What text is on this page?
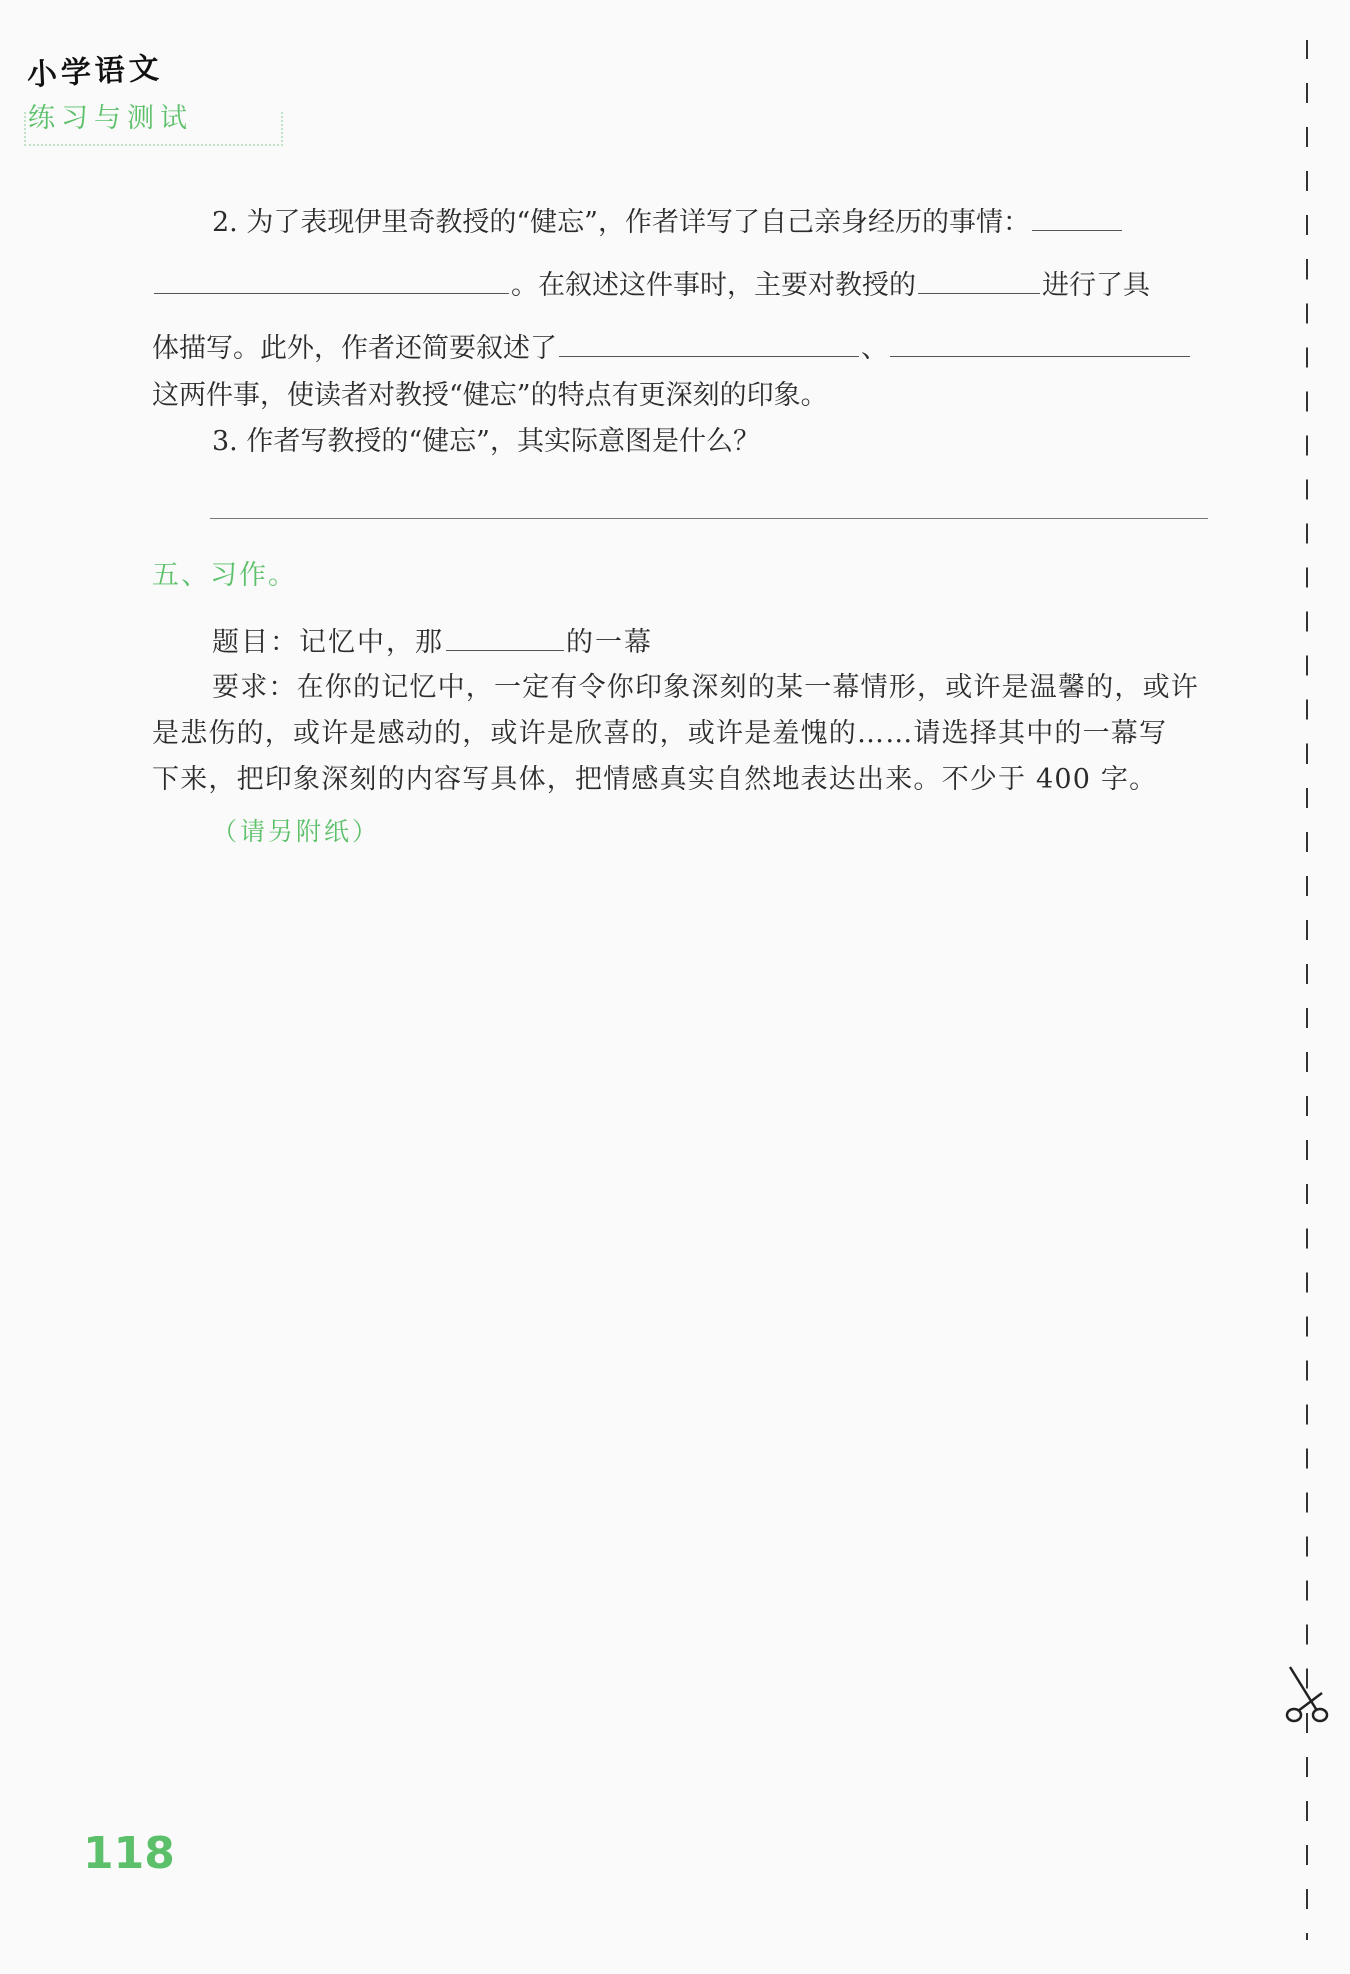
小学语文
练习与测试
2. 为了表现伊里奇教授的“健忘”，作者详写了自己亲身经历的事情：
。在叙述这件事时，主要对教授的	进行了具
体描写。此外，作者还简要叙述了	、
这两件事，使读者对教授“健忘”的特点有更深刻的印象。
3. 作者写教授的“健忘”，其实际意图是什么？
五、习作。
题目：记忆中，那	的一幕
要求：在你的记忆中，一定有令你印象深刻的某一幕情形，或许是温馨的，或许
是悲伤的，或许是感动的，或许是欣喜的，或许是羞愧的……请选择其中的一幕写
下来，把印象深刻的内容写具体，把情感真实自然地表达出来。不少于 400 字。
（请另附纸）
118
